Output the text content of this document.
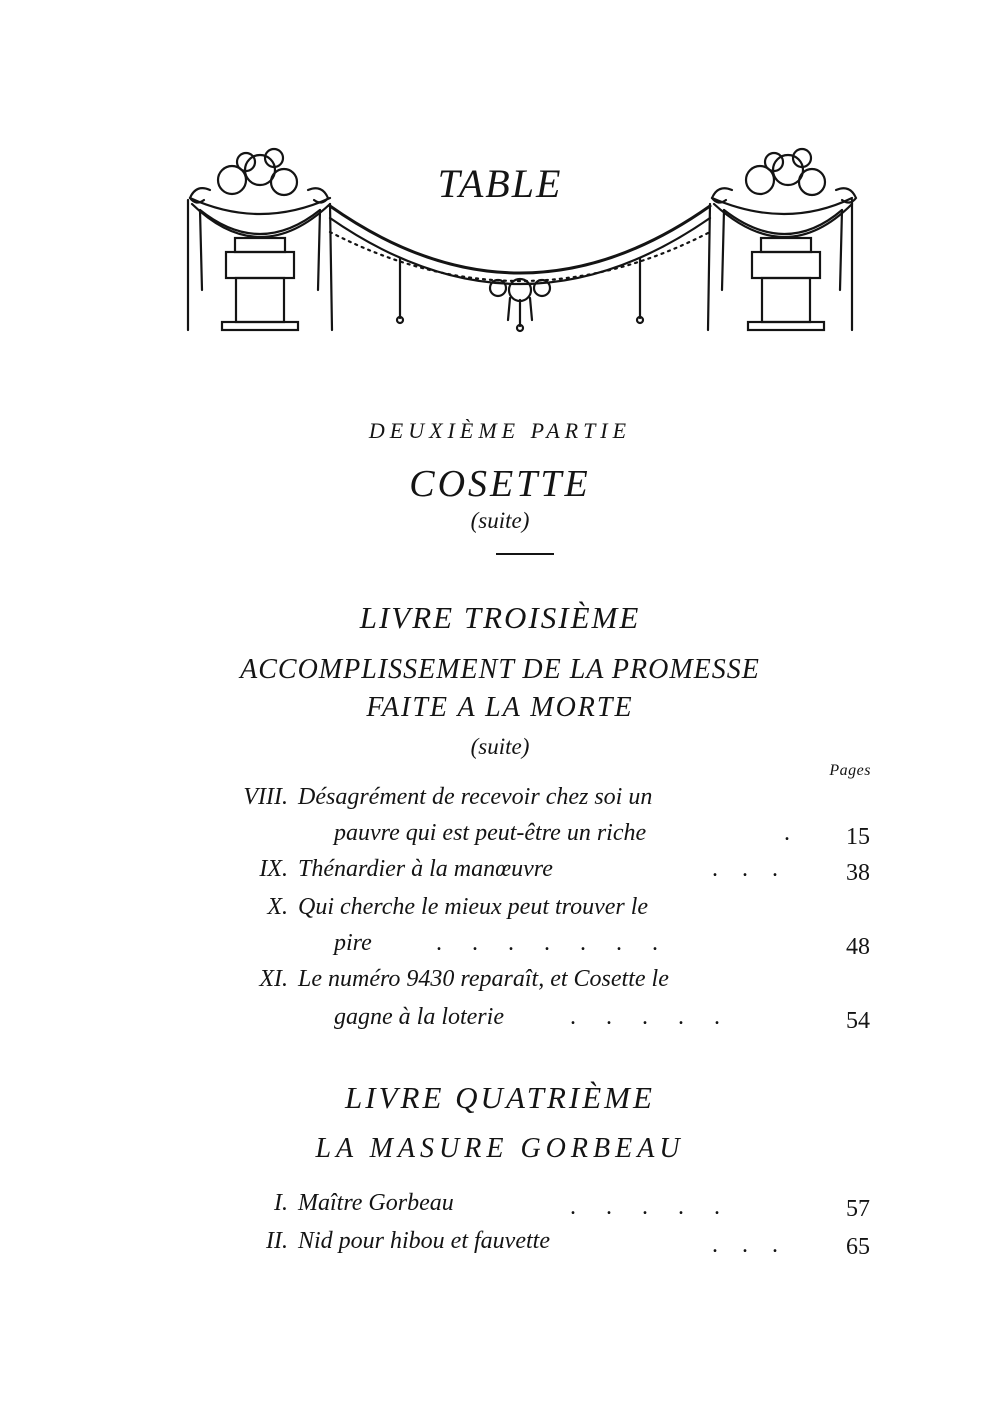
TABLE
DEUXIÈME PARTIE
COSETTE
(suite)
LIVRE TROISIÈME
ACCOMPLISSEMENT DE LA PROMESSE
FAITE A LA MORTE
(suite)
Pages
VIII. Désagrément de recevoir chez soi un
pauvre qui est peut-être un riche	.	15
IX. Thénardier à la manœuvre	.    .    .	38
X. Qui cherche le mieux peut trouver le
pire	.     .     .     .     .     .     .	48
XI. Le numéro 9430 reparaît, et Cosette le
gagne à la loterie	.     .     .     .     .	54
LIVRE QUATRIÈME
LA MASURE GORBEAU
I. Maître Gorbeau	.     .     .     .     .	57
II. Nid pour hibou et fauvette	.    .    .	65
